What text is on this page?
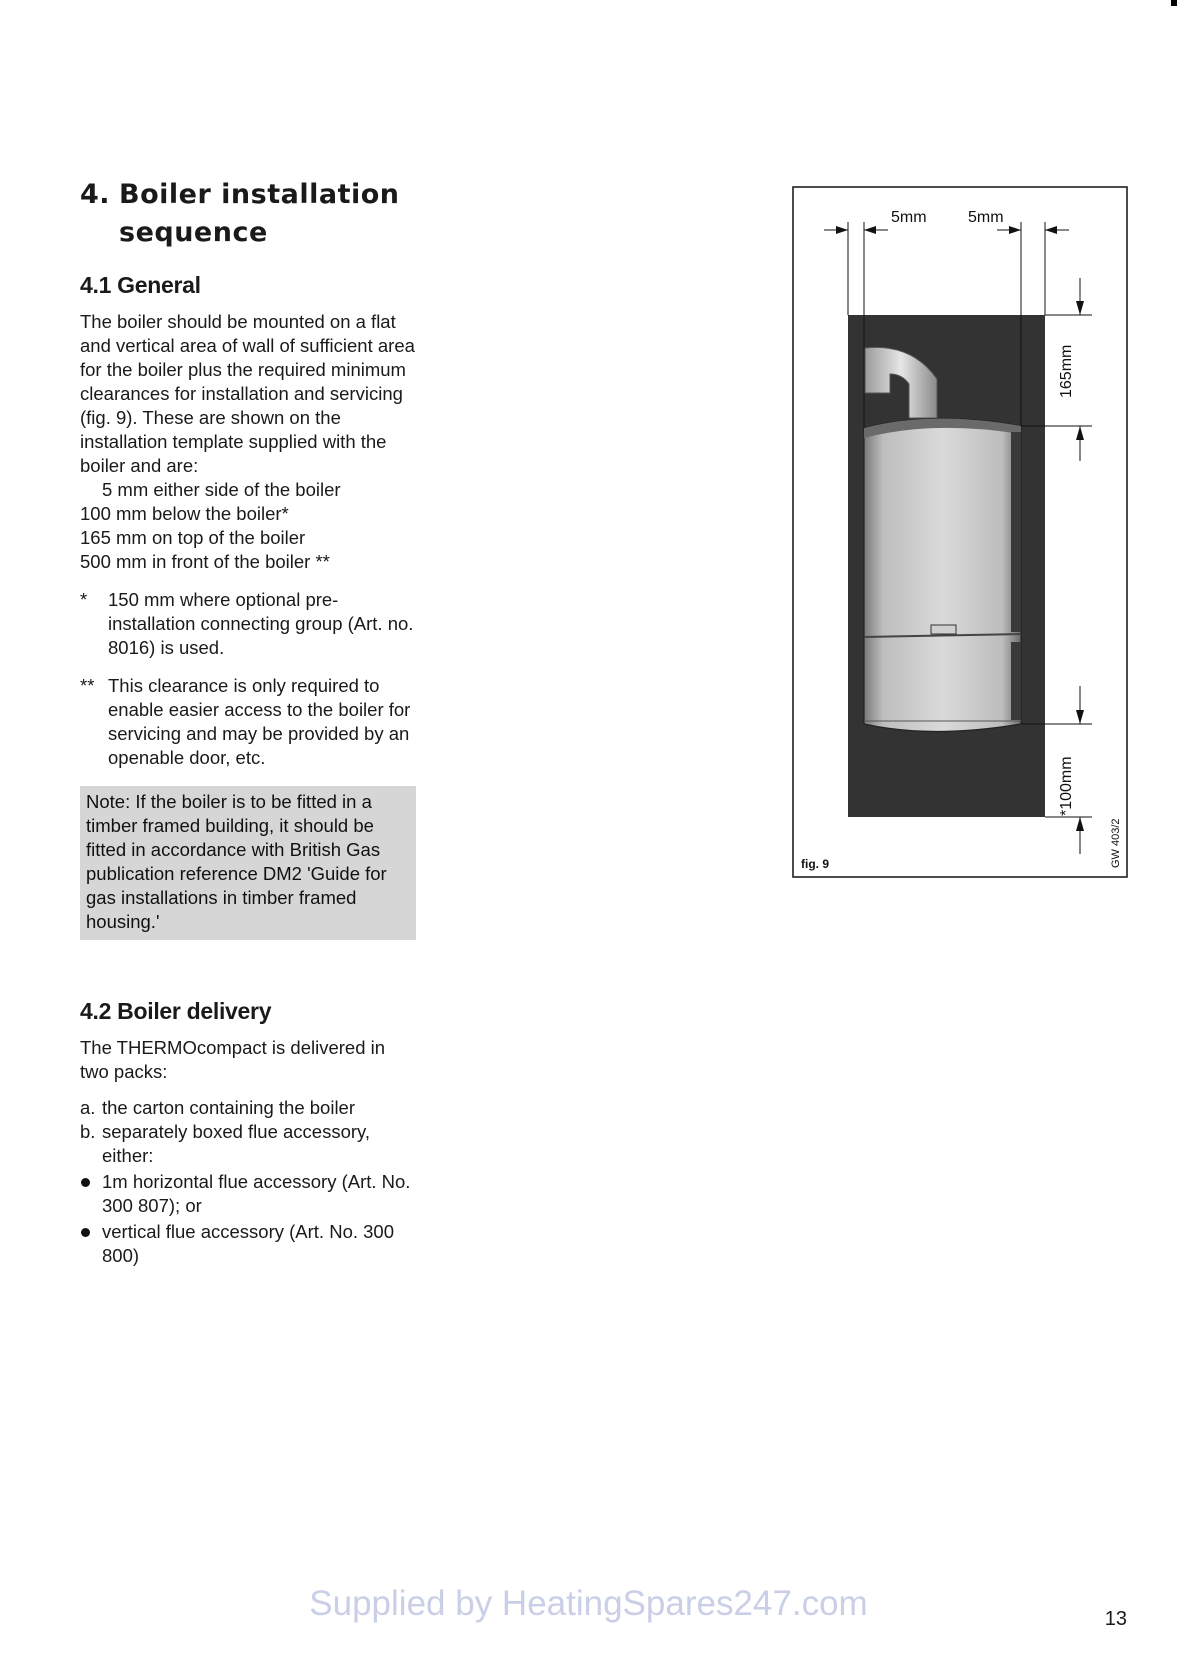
4. Boiler installation
sequence
4.1 General

The boiler should be mounted on a flat and vertical area of wall of sufficient area for the boiler plus the required minimum clearances for installation and servicing (fig. 9). These are shown on the installation template supplied with the boiler and are:

5 mm either side of the boiler
100 mm below the boiler*
165 mm on top of the boiler
500 mm in front of the boiler **
*	150 mm where optional pre-installation connecting group (Art. no. 8016) is used.
** This clearance is only required to enable easier access to the boiler for servicing and may be provided by an openable door, etc.
Note: If the boiler is to be fitted in a timber framed building, it should be fitted in accordance with British Gas publication reference DM2 'Guide for gas installations in timber framed housing.'
4.2 Boiler delivery

The THERMOcompact is delivered in two packs:

a. the carton containing the boiler
b. separately boxed flue accessory, either:
1m horizontal flue accessory (Art. No. 300 807); or
vertical flue accessory (Art. No. 300 800)
5mm	5mm
165mm
*100mm
fig. 9	GW 403/2
Supplied by HeatingSpares247.com	13
